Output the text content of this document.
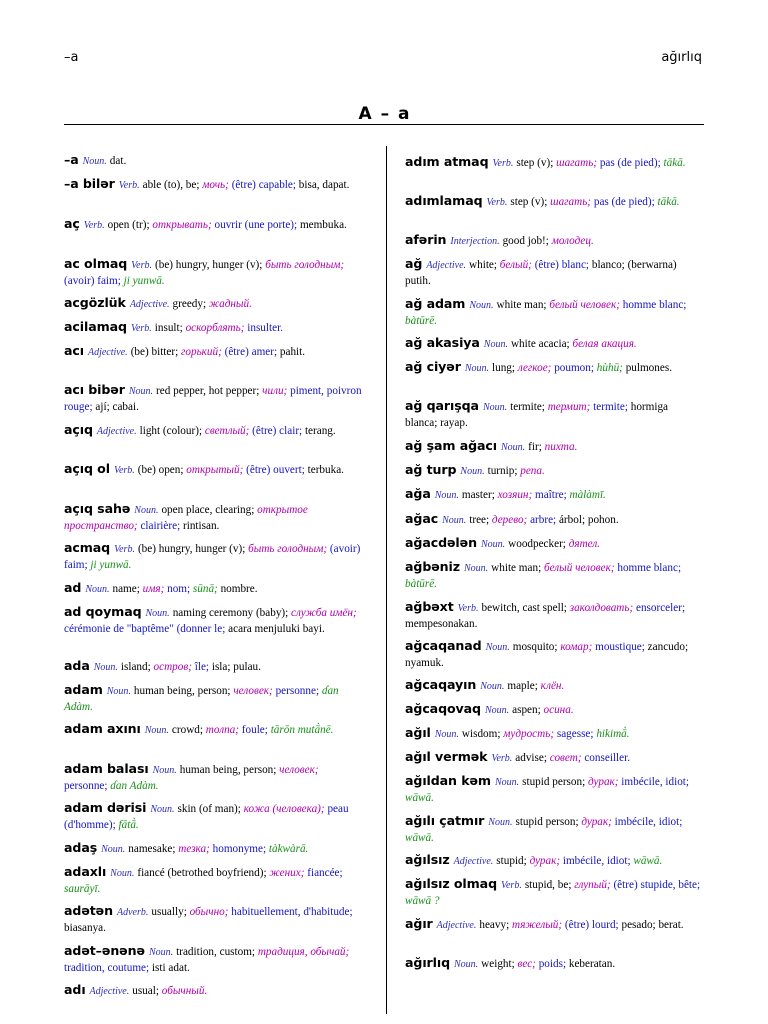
–a	ağırlıq
A – a
–a Noun. dat.
–a bilər Verb. able (to), be; мочь; (être) capable; bisa, dapat.
aç Verb. open (tr); открывать; ouvrir (une porte); membuka.
ac olmaq Verb. (be) hungry, hunger (v); быть голодным; (avoir) faim; ji yunwā.
acgözlük Adjective. greedy; жадный.
acilamaq Verb. insult; оскорблять; insulter.
acı Adjective. (be) bitter; горький; (être) amer; pahit.
acı bibər Noun. red pepper, hot pepper; чили; piment, poivron rouge; ají; cabai.
açıq Adjective. light (colour); светлый; (être) clair; terang.
açıq ol Verb. (be) open; открытый; (être) ouvert; terbuka.
açıq sahə Noun. open place, clearing; открытое пространство; clairière; rintisan.
acmaq Verb. (be) hungry, hunger (v); быть голодным; (avoir) faim; ji yunwā.
ad Noun. name; имя; nom; sūnā; nombre.
ad qoymaq Noun. naming ceremony (baby); служба имён; cérémonie de "baptême" (donner le; acara menjuluki bayi.
ada Noun. island; остров; île; isla; pulau.
adam Noun. human being, person; человек; personne; ɗan Adàm.
adam axını Noun. crowd; толпа; foule; tārōn mutā̀nē.
adam balası Noun. human being, person; человек; personne; ɗan Adàm.
adam dərisi Noun. skin (of man); кожа (человека); peau (d'homme); fātā̀.
adaş Noun. namesake; тезка; homonyme; tàkwàrā.
adaxlı Noun. fiancé (betrothed boyfriend); жених; fiancée; saurāyī.
adətən Adverb. usually; обычно; habituellement, d'habitude; biasanya.
adət–ənənə Noun. tradition, custom; традиция, обычай; tradition, coutume; isti adat.
adı Adjective. usual; обычный.
adım atmaq Verb. step (v); шагать; pas (de pied); tākā.
adımlamaq Verb. step (v); шагать; pas (de pied); tākā.
afərin Interjection. good job!; молодец.
ağ Adjective. white; белый; (être) blanc; blanco; (berwarna) putih.
ağ adam Noun. white man; белый человек; homme blanc; bàtūrē.
ağ akasiya Noun. white acacia; белая акация.
ağ ciyər Noun. lung; легкое; poumon; hùhū; pulmones.
ağ qarışqa Noun. termite; термит; termite; hormiga blanca; rayap.
ağ şam ağacı Noun. fir; пихта.
ağ turp Noun. turnip; репа.
ağa Noun. master; хозяин; maître; màlàmī.
ağac Noun. tree; дерево; arbre; árbol; pohon.
ağacdələn Noun. woodpecker; дятел.
ağbəniz Noun. white man; белый человек; homme blanc; bàtūrē.
ağbəxt Verb. bewitch, cast spell; заколдовать; ensorceler; mempesonakan.
ağcaqanad Noun. mosquito; комар; moustique; zancudo; nyamuk.
ağcaqayın Noun. maple; клён.
ağcaqovaq Noun. aspen; осина.
ağıl Noun. wisdom; мудрость; sagesse; hikimā̀.
ağıl vermək Verb. advise; совет; conseiller.
ağıldan kəm Noun. stupid person; дурак; imbécile, idiot; wāwā.
ağılı çatmır Noun. stupid person; дурак; imbécile, idiot; wāwā.
ağılsız Adjective. stupid; дурак; imbécile, idiot; wāwā.
ağılsız olmaq Verb. stupid, be; глупый; (être) stupide, bête; wāwā ?
ağır Adjective. heavy; тяжелый; (être) lourd; pesado; berat.
ağırlıq Noun. weight; вес; poids; keberatan.
